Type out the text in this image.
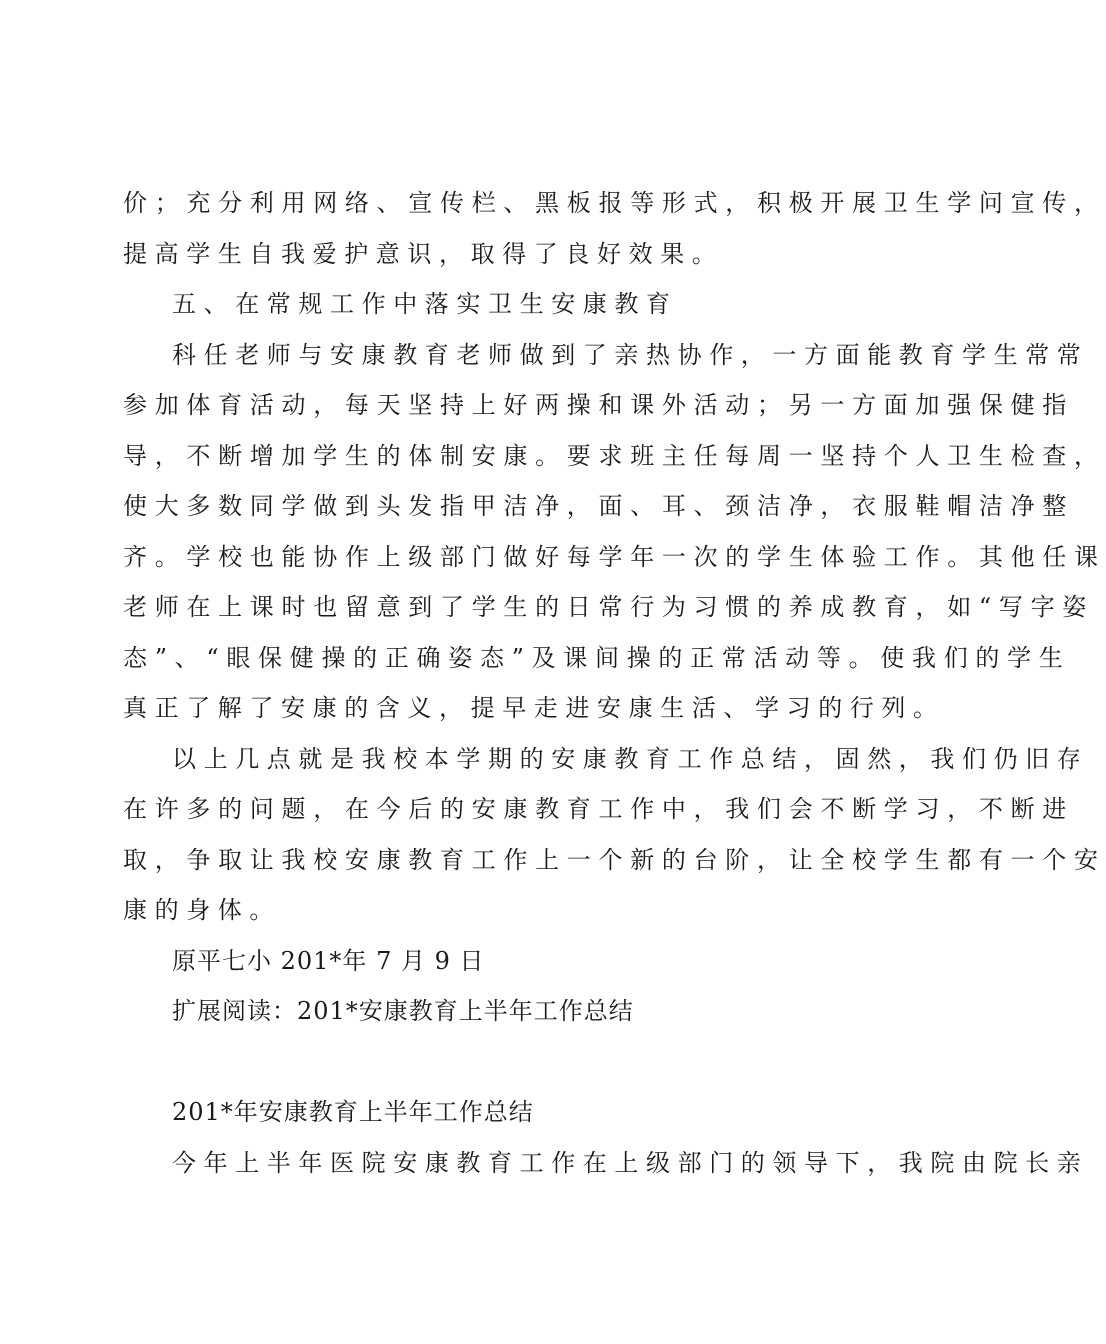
价；充分利用网络、宣传栏、黑板报等形式，积极开展卫生学问宣传，
提高学生自我爱护意识，取得了良好效果。
五、在常规工作中落实卫生安康教育
科任老师与安康教育老师做到了亲热协作，一方面能教育学生常常
参加体育活动，每天坚持上好两操和课外活动；另一方面加强保健指
导，不断增加学生的体制安康。要求班主任每周一坚持个人卫生检查，
使大多数同学做到头发指甲洁净，面、耳、颈洁净，衣服鞋帽洁净整
齐。学校也能协作上级部门做好每学年一次的学生体验工作。其他任课
老师在上课时也留意到了学生的日常行为习惯的养成教育，如“写字姿
态”、“眼保健操的正确姿态”及课间操的正常活动等。使我们的学生
真正了解了安康的含义，提早走进安康生活、学习的行列。
以上几点就是我校本学期的安康教育工作总结，固然，我们仍旧存
在许多的问题，在今后的安康教育工作中，我们会不断学习，不断进
取，争取让我校安康教育工作上一个新的台阶，让全校学生都有一个安
康的身体。
原平七小 201*年 7 月 9 日
扩展阅读：201*安康教育上半年工作总结
201*年安康教育上半年工作总结
今年上半年医院安康教育工作在上级部门的领导下，我院由院长亲
